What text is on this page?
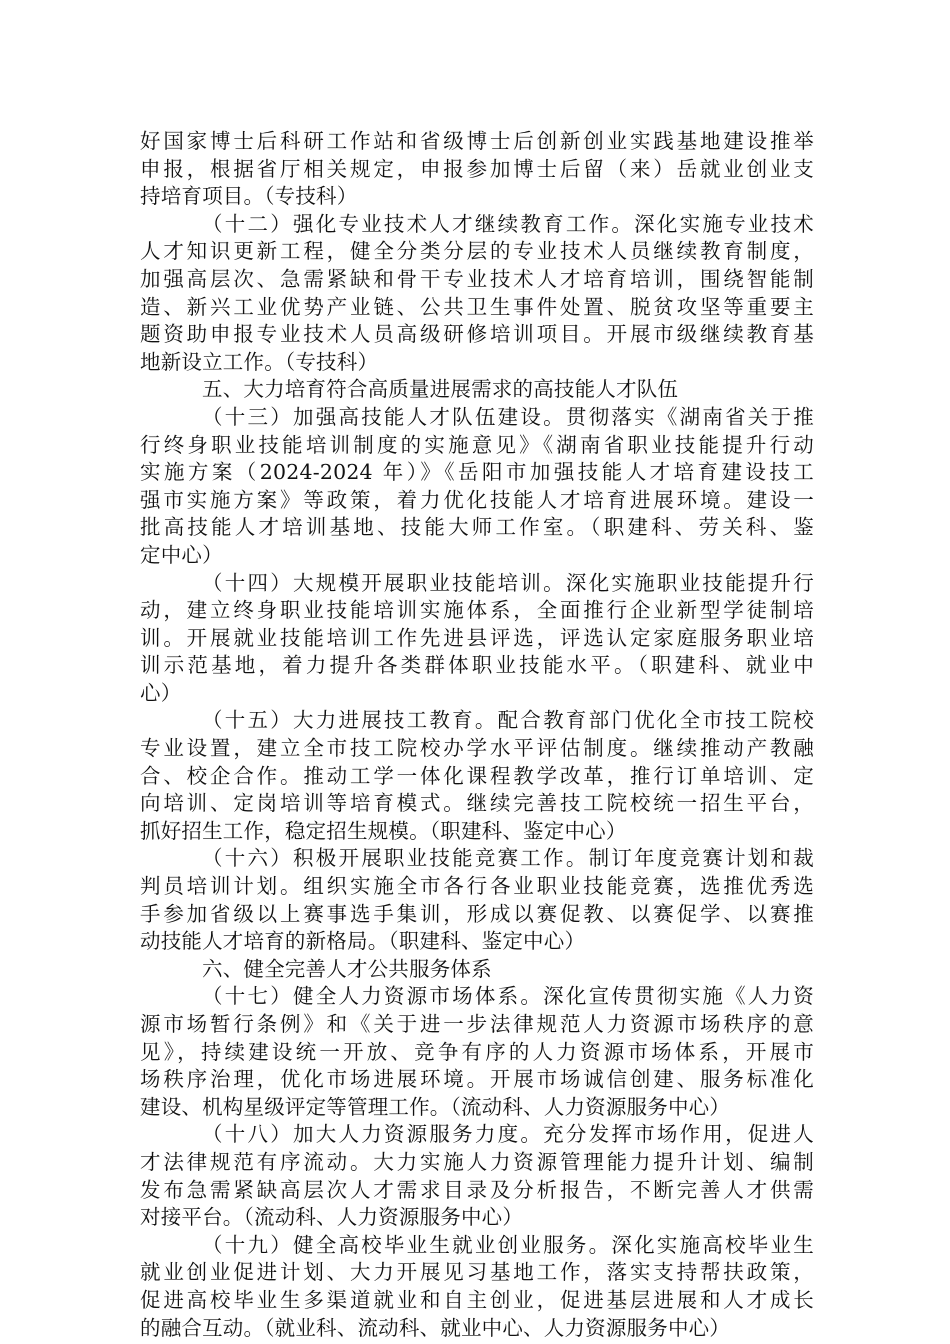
好国家博士后科研工作站和省级博士后创新创业实践基地建设推举
申报，根据省厅相关规定，申报参加博士后留（来）岳就业创业支
持培育项目。（专技科）
（十二）强化专业技术人才继续教育工作。深化实施专业技术
人才知识更新工程，健全分类分层的专业技术人员继续教育制度，
加强高层次、急需紧缺和骨干专业技术人才培育培训，围绕智能制
造、新兴工业优势产业链、公共卫生事件处置、脱贫攻坚等重要主
题资助申报专业技术人员高级研修培训项目。开展市级继续教育基
地新设立工作。（专技科）
五、大力培育符合高质量进展需求的高技能人才队伍
（十三）加强高技能人才队伍建设。贯彻落实《湖南省关于推
行终身职业技能培训制度的实施意见》《湖南省职业技能提升行动
实施方案（2024-2024 年）》《岳阳市加强技能人才培育建设技工
强市实施方案》等政策，着力优化技能人才培育进展环境。建设一
批高技能人才培训基地、技能大师工作室。（职建科、劳关科、鉴
定中心）
（十四）大规模开展职业技能培训。深化实施职业技能提升行
动，建立终身职业技能培训实施体系，全面推行企业新型学徒制培
训。开展就业技能培训工作先进县评选，评选认定家庭服务职业培
训示范基地，着力提升各类群体职业技能水平。（职建科、就业中
心）
（十五）大力进展技工教育。配合教育部门优化全市技工院校
专业设置，建立全市技工院校办学水平评估制度。继续推动产教融
合、校企合作。推动工学一体化课程教学改革，推行订单培训、定
向培训、定岗培训等培育模式。继续完善技工院校统一招生平台，
抓好招生工作，稳定招生规模。（职建科、鉴定中心）
（十六）积极开展职业技能竞赛工作。制订年度竞赛计划和裁
判员培训计划。组织实施全市各行各业职业技能竞赛，选推优秀选
手参加省级以上赛事选手集训，形成以赛促教、以赛促学、以赛推
动技能人才培育的新格局。（职建科、鉴定中心）
六、健全完善人才公共服务体系
（十七）健全人力资源市场体系。深化宣传贯彻实施《人力资
源市场暂行条例》和《关于进一步法律规范人力资源市场秩序的意
见》，持续建设统一开放、竞争有序的人力资源市场体系，开展市
场秩序治理，优化市场进展环境。开展市场诚信创建、服务标准化
建设、机构星级评定等管理工作。（流动科、人力资源服务中心）
（十八）加大人力资源服务力度。充分发挥市场作用，促进人
才法律规范有序流动。大力实施人力资源管理能力提升计划、编制
发布急需紧缺高层次人才需求目录及分析报告，不断完善人才供需
对接平台。（流动科、人力资源服务中心）
（十九）健全高校毕业生就业创业服务。深化实施高校毕业生
就业创业促进计划、大力开展见习基地工作，落实支持帮扶政策，
促进高校毕业生多渠道就业和自主创业，促进基层进展和人才成长
的融合互动。（就业科、流动科、就业中心、人力资源服务中心）
